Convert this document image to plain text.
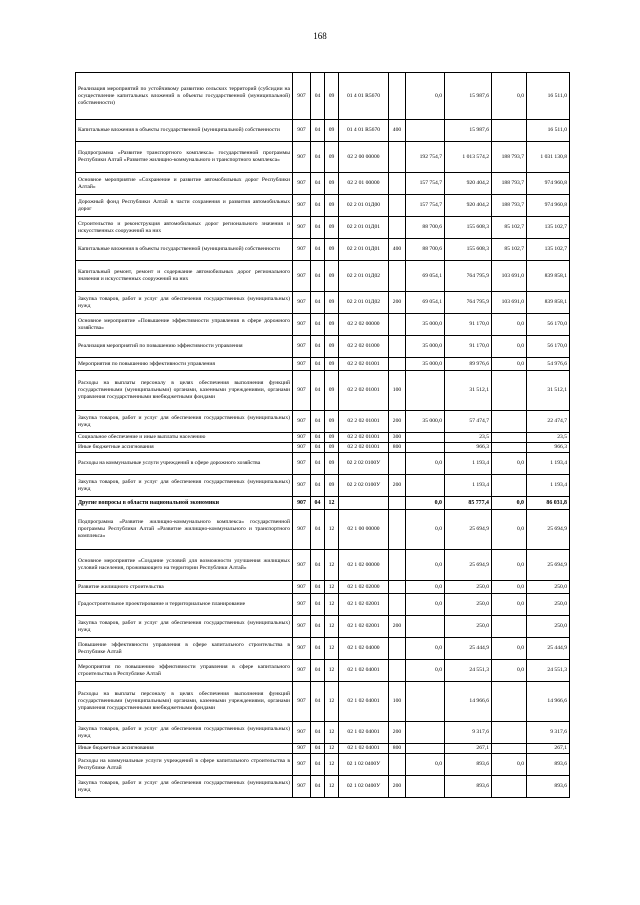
168
Реализация мероприятий по устойчивому развитию сельских территорий (субсидии на осуществление капитальных вложений в объекты государственной (муниципальной) собственности)	907	04	09	01 4 01 R5670		0,0	15 987,6	0,0	16 511,0
Капитальные вложения в объекты государственной (муниципальной) собственности	907	04	09	01 4 01 R5670	400		15 987,6		16 511,0
Подпрограмма «Развитие транспортного комплекса» государственной программы Республики Алтай «Развитие жилищно-коммунального и транспортного комплекса»	907	04	09	02 2 00 00000		192 754,7	1 013 574,2	188 793,7	1 031 130,8
Основное мероприятие «Сохранение и развитие автомобильных дорог Республики Алтай»	907	04	09	02 2 01 00000		157 754,7	920 404,2	188 793,7	974 960,8
Дорожный фонд Республики Алтай в части сохранения и развития автомобильных дорог	907	04	09	02 2 01 01Д00		157 754,7	920 404,2	188 793,7	974 960,8
Строительство и реконструкция автомобильных дорог регионального значения и искусственных сооружений на них	907	04	09	02 2 01 01Д01		88 700,6	155 608,3	85 102,7	135 102,7
Капитальные вложения в объекты государственной (муниципальной) собственности	907	04	09	02 2 01 01Д01	400	88 700,6	155 608,3	85 102,7	135 102,7
Капитальный ремонт, ремонт и содержание автомобильных дорог регионального значения и искусственных сооружений на них	907	04	09	02 2 01 01Д02		69 054,1	764 795,9	103 691,0	839 858,1
Закупка товаров, работ и услуг для обеспечения государственных (муниципальных) нужд	907	04	09	02 2 01 01Д02	200	69 054,1	764 795,9	103 691,0	839 858,1
Основное мероприятие «Повышение эффективности управления в сфере дорожного хозяйства»	907	04	09	02 2 02 00000		35 000,0	91 170,0	0,0	56 170,0
Реализация мероприятий по повышению эффективности управления	907	04	09	02 2 02 01000		35 000,0	91 170,0	0,0	56 170,0
Мероприятия по повышению эффективности управления	907	04	09	02 2 02 01001		35 000,0	89 976,6	0,0	54 976,6
Расходы на выплаты персоналу в целях обеспечения выполнения функций государственными (муниципальными) органами, казенными учреждениями, органами управления государственными внебюджетными фондами	907	04	09	02 2 02 01001	100		31 512,1		31 512,1
Закупка товаров, работ и услуг для обеспечения государственных (муниципальных) нужд	907	04	09	02 2 02 01001	200	35 000,0	57 474,7		22 474,7
Социальное обеспечение и иные выплаты населению	907	04	09	02 2 02 01001	300		23,5		23,5
Иные бюджетные ассигнования	907	04	09	02 2 02 01001	800		966,3		966,3
Расходы на коммунальные услуги учреждений в сфере дорожного хозяйства	907	04	09	02 2 02 0100У		0,0	1 193,4	0,0	1 193,4
Закупка товаров, работ и услуг для обеспечения государственных (муниципальных) нужд	907	04	09	02 2 02 0100У	200		1 193,4		1 193,4
Другие вопросы в области национальной экономики	907	04	12			0,0	85 777,4	0,0	86 031,8
Подпрограмма «Развитие жилищно-коммунального комплекса» государственной программы Республики Алтай «Развитие жилищно-коммунального и транспортного комплекса»	907	04	12	02 1 00 00000		0,0	25 694,9	0,0	25 694,9
Основное мероприятие «Создание условий для возможности улучшения жилищных условий населения, проживающего на территории Республики Алтай»	907	04	12	02 1 02 00000		0,0	25 694,9	0,0	25 694,9
Развитие жилищного строительства	907	04	12	02 1 02 02000		0,0	250,0	0,0	250,0
Градостроительное проектирование и территориальное планирование	907	04	12	02 1 02 02001		0,0	250,0	0,0	250,0
Закупка товаров, работ и услуг для обеспечения государственных (муниципальных) нужд	907	04	12	02 1 02 02001	200		250,0		250,0
Повышение эффективности управления в сфере капитального строительства в Республике Алтай	907	04	12	02 1 02 04000		0,0	25 444,9	0,0	25 444,9
Мероприятия по повышению эффективности управления в сфере капитального строительства в Республике Алтай	907	04	12	02 1 02 04001		0,0	24 551,3	0,0	24 551,3
Расходы на выплаты персоналу в целях обеспечения выполнения функций государственными (муниципальными) органами, казенными учреждениями, органами управления государственными внебюджетными фондами	907	04	12	02 1 02 04001	100		14 966,6		14 966,6
Закупка товаров, работ и услуг для обеспечения государственных (муниципальных) нужд	907	04	12	02 1 02 04001	200		9 317,6		9 317,6
Иные бюджетные ассигнования	907	04	12	02 1 02 04001	800		267,1		267,1
Расходы на коммунальные услуги учреждений в сфере капитального строительства в Республике Алтай	907	04	12	02 1 02 0400У		0,0	893,6	0,0	893,6
Закупка товаров, работ и услуг для обеспечения государственных (муниципальных) нужд	907	04	12	02 1 02 0400У	200		893,6		893,6
